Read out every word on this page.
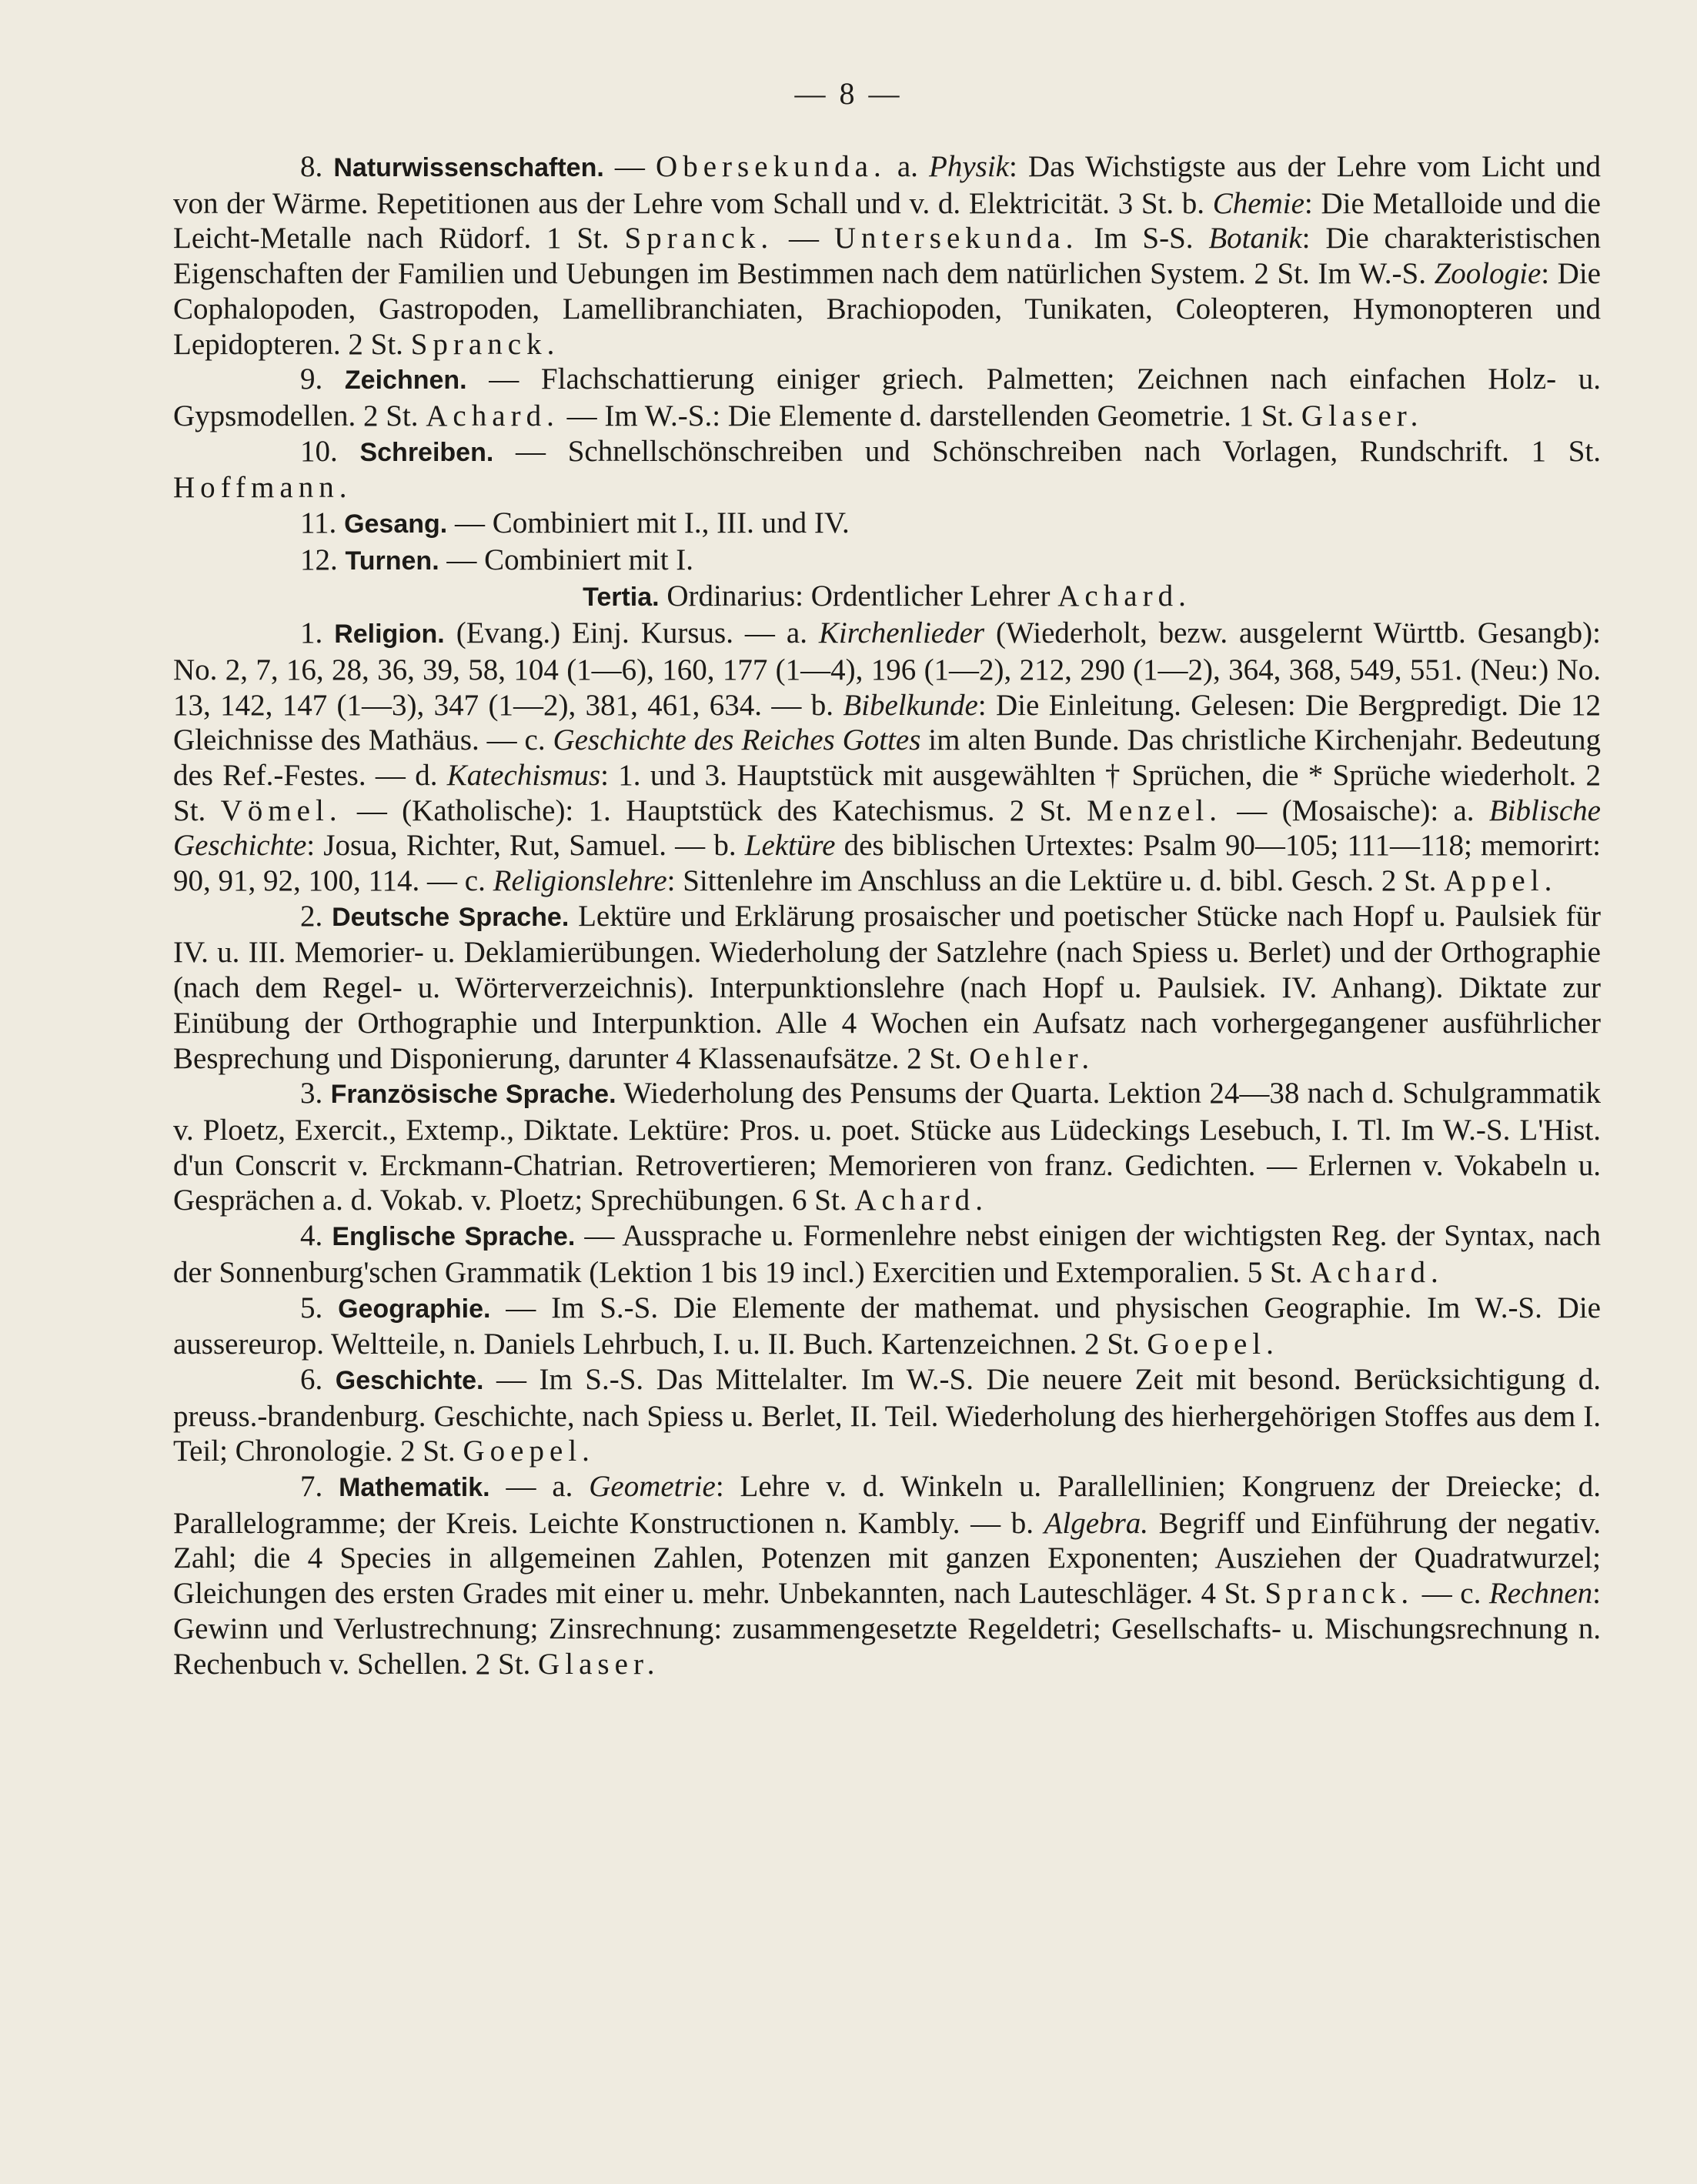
— 8 —

8. Naturwissenschaften. — Obersekunda. a. Physik: Das Wichstigste aus der Lehre vom Licht und von der Wärme. Repetitionen aus der Lehre vom Schall und v. d. Elektricität. 3 St. b. Chemie: Die Metalloide und die Leicht-Metalle nach Rüdorf. 1 St. Spranck. — Untersekunda. Im S-S. Botanik: Die charakteristischen Eigenschaften der Familien und Uebungen im Bestimmen nach dem natürlichen System. 2 St. Im W.-S. Zoologie: Die Cophalopoden, Gastropoden, Lamellibranchiaten, Brachiopoden, Tunikaten, Coleopteren, Hymonopteren und Lepidopteren. 2 St. Spranck.

9. Zeichnen. — Flachschattierung einiger griech. Palmetten; Zeichnen nach einfachen Holz- u. Gypsmodellen. 2 St. Achard. — Im W.-S.: Die Elemente d. darstellenden Geometrie. 1 St. Glaser.

10. Schreiben. — Schnellschönschreiben und Schönschreiben nach Vorlagen, Rundschrift. 1 St. Hoffmann.

11. Gesang. — Combiniert mit I., III. und IV.

12. Turnen. — Combiniert mit I.

Tertia. Ordinarius: Ordentlicher Lehrer Achard.

1. Religion. (Evang.) Einj. Kursus. — a. Kirchenlieder (Wiederholt, bezw. ausgelernt Württb. Gesangb): No. 2, 7, 16, 28, 36, 39, 58, 104 (1—6), 160, 177 (1—4), 196 (1—2), 212, 290 (1—2), 364, 368, 549, 551. (Neu:) No. 13, 142, 147 (1—3), 347 (1—2), 381, 461, 634. — b. Bibelkunde: Die Einleitung. Gelesen: Die Bergpredigt. Die 12 Gleichnisse des Mathäus. — c. Geschichte des Reiches Gottes im alten Bunde. Das christliche Kirchenjahr. Bedeutung des Ref.-Festes. — d. Katechismus: 1. und 3. Hauptstück mit ausgewählten † Sprüchen, die * Sprüche wiederholt. 2 St. Vömel. — (Katholische): 1. Hauptstück des Katechismus. 2 St. Menzel. — (Mosaische): a. Biblische Geschichte: Josua, Richter, Rut, Samuel. — b. Lektüre des biblischen Urtextes: Psalm 90—105; 111—118; memorirt: 90, 91, 92, 100, 114. — c. Religionslehre: Sittenlehre im Anschluss an die Lektüre u. d. bibl. Gesch. 2 St. Appel.

2. Deutsche Sprache. Lektüre und Erklärung prosaischer und poetischer Stücke nach Hopf u. Paulsiek für IV. u. III. Memorier- u. Deklamierübungen. Wiederholung der Satzlehre (nach Spiess u. Berlet) und der Orthographie (nach dem Regel- u. Wörterverzeichnis). Interpunktionslehre (nach Hopf u. Paulsiek. IV. Anhang). Diktate zur Einübung der Orthographie und Interpunktion. Alle 4 Wochen ein Aufsatz nach vorhergegangener ausführlicher Besprechung und Disponierung, darunter 4 Klassenaufsätze. 2 St. Oehler.

3. Französische Sprache. Wiederholung des Pensums der Quarta. Lektion 24—38 nach d. Schulgrammatik v. Ploetz, Exercit., Extemp., Diktate. Lektüre: Pros. u. poet. Stücke aus Lüdeckings Lesebuch, I. Tl. Im W.-S. L'Hist. d'un Conscrit v. Erckmann-Chatrian. Retrovertieren; Memorieren von franz. Gedichten. — Erlernen v. Vokabeln u. Gesprächen a. d. Vokab. v. Ploetz; Sprechübungen. 6 St. Achard.

4. Englische Sprache. — Aussprache u. Formenlehre nebst einigen der wichtigsten Reg. der Syntax, nach der Sonnenburg'schen Grammatik (Lektion 1 bis 19 incl.) Exercitien und Extemporalien. 5 St. Achard.

5. Geographie. — Im S.-S. Die Elemente der mathemat. und physischen Geographie. Im W.-S. Die aussereurop. Weltteile, n. Daniels Lehrbuch, I. u. II. Buch. Kartenzeichnen. 2 St. Goepel.

6. Geschichte. — Im S.-S. Das Mittelalter. Im W.-S. Die neuere Zeit mit besond. Berücksichtigung d. preuss.-brandenburg. Geschichte, nach Spiess u. Berlet, II. Teil. Wiederholung des hierhergehörigen Stoffes aus dem I. Teil; Chronologie. 2 St. Goepel.

7. Mathematik. — a. Geometrie: Lehre v. d. Winkeln u. Parallellinien; Kongruenz der Dreiecke; d. Parallelogramme; der Kreis. Leichte Konstructionen n. Kambly. — b. Algebra. Begriff und Einführung der negativ. Zahl; die 4 Species in allgemeinen Zahlen, Potenzen mit ganzen Exponenten; Ausziehen der Quadratwurzel; Gleichungen des ersten Grades mit einer u. mehr. Unbekannten, nach Lauteschläger. 4 St. Spranck. — c. Rechnen: Gewinn und Verlustrechnung; Zinsrechnung: zusammengesetzte Regeldetri; Gesellschafts- u. Mischungsrechnung n. Rechenbuch v. Schellen. 2 St. Glaser.
